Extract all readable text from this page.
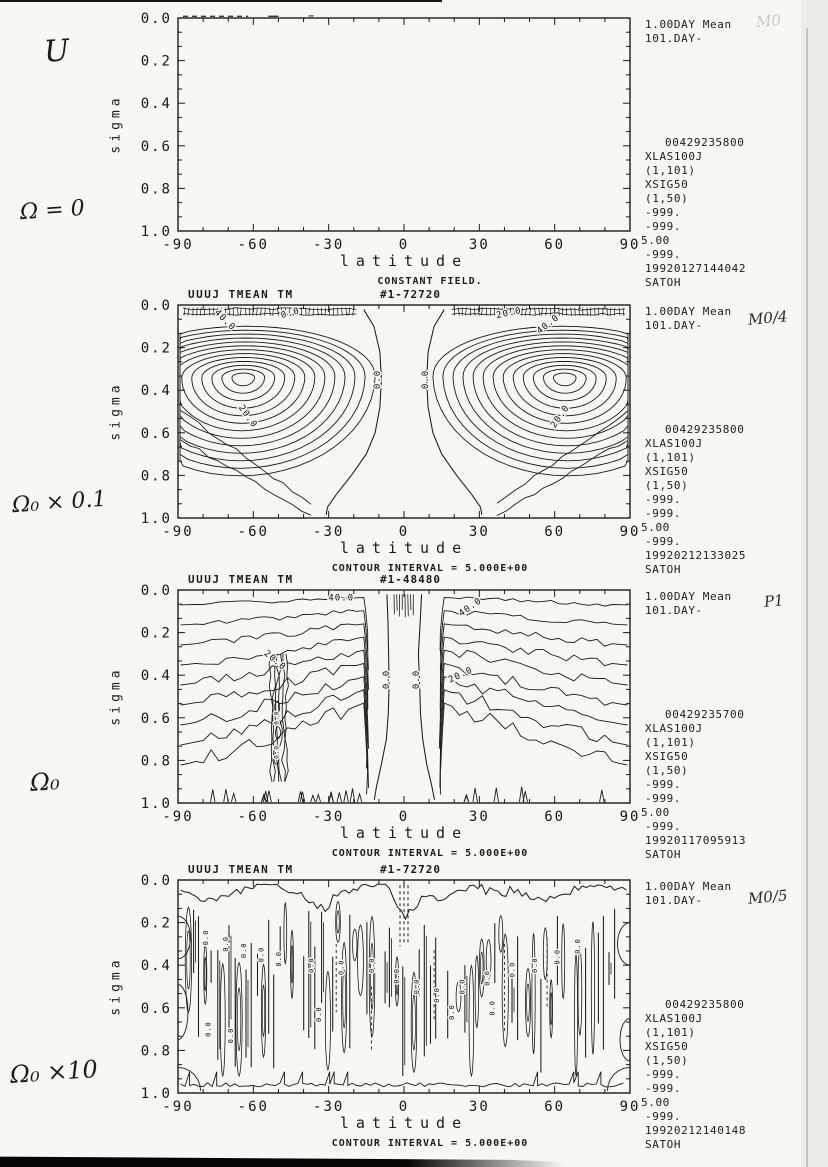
U
Ω = 0
Ω₀ × 0.1
Ω₀
Ω₀ ×10
sigma
-90	-60	-30	0	30	60	90
0.0
0.2
0.4
0.6
0.8
1.0
latitude
CONSTANT FIELD.
1.00DAY Mean
101.DAY-
00429235800
XLAS100J
(1,101)
XSIG50
(1,50)
-999.
-999.
5.00
-999.
19920127144042
SATOH
M0
UUUJ TMEAN TM	#1-72720
sigma
-90	-60	-30	0	30	60	90
0.0
0.2
0.4
0.6
0.8
1.0
0.0	0.0
20.0	20.0
20.0
40.0	40.0
0.0
latitude
CONTOUR INTERVAL = 5.000E+00
1.00DAY Mean
101.DAY-
00429235800
XLAS100J
(1,101)
XSIG50
(1,50)
-999.
-999.
5.00
-999.
19920212133025
SATOH
M0/4
UUUJ TMEAN TM	#1-48480
sigma
-90	-60	-30	0	30	60	90
0.0
0.2
0.4
0.6
0.8
1.0
40.0	40.0
20.0
20.0
0.0 0.0
0.0
0.0
latitude
CONTOUR INTERVAL = 5.000E+00
1.00DAY Mean
101.DAY-
00429235700
XLAS100J
(1,101)
XSIG50
(1,50)
-999.
-999.
5.00
-999.
19920117095913
SATOH
P1
UUUJ TMEAN TM	#1-72720
sigma
-90	-60	-30	0	30	60	90
0.0
0.2
0.4
0.6
0.8
1.0
0.0 0.0 0.0 0.0 0.0	0.0	0.0	0.0
0.0
0.0
0.0
0.0
0.0
0.0 0.0
0.0
0.0
0.0 0.0
0.0	0.0	0.0
latitude
CONTOUR INTERVAL = 5.000E+00
1.00DAY Mean
101.DAY-
00429235800
XLAS100J
(1,101)
XSIG50
(1,50)
-999.
-999.
5.00
-999.
19920212140148
SATOH
M0/5
